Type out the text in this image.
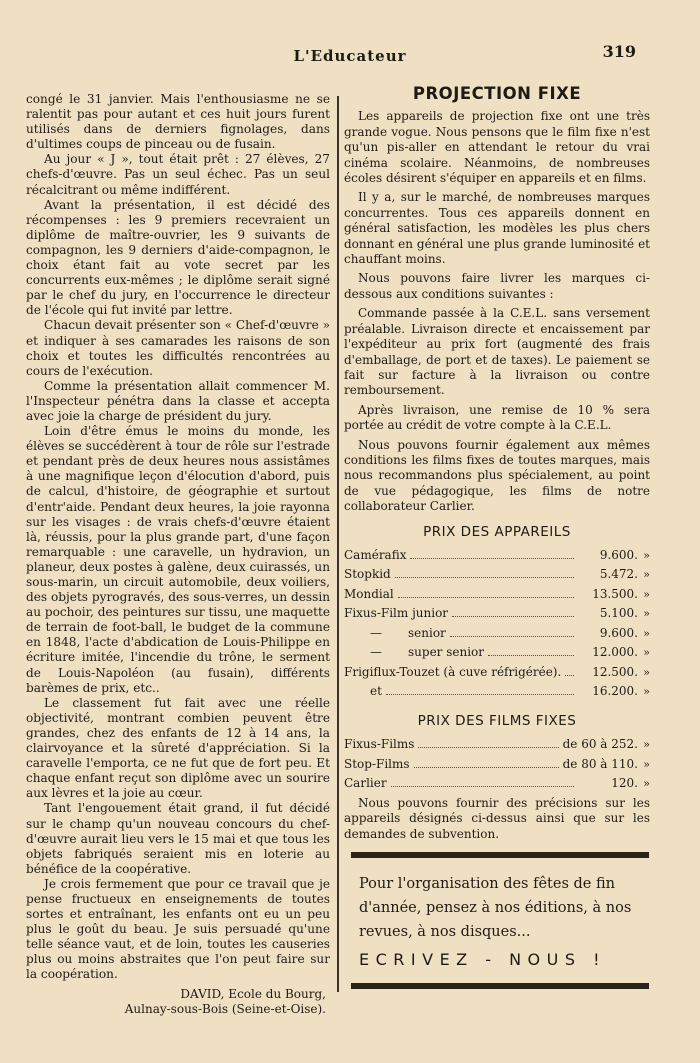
L'Educateur	319

congé le 31 janvier. Mais l'enthousiasme ne se ralentit pas pour autant et ces huit jours furent utilisés dans de derniers fignolages, dans d'ultimes coups de pinceau ou de fusain.

Au jour « J », tout était prêt : 27 élèves, 27 chefs-d'œuvre. Pas un seul échec. Pas un seul récalcitrant ou même indifférent.

Avant la présentation, il est décidé des récompenses : les 9 premiers recevraient un diplôme de maître-ouvrier, les 9 suivants de compagnon, les 9 derniers d'aide-compagnon, le choix étant fait au vote secret par les concurrents eux-mêmes ; le diplôme serait signé par le chef du jury, en l'occurrence le directeur de l'école qui fut invité par lettre.

Chacun devait présenter son « Chef-d'œuvre » et indiquer à ses camarades les raisons de son choix et toutes les difficultés rencontrées au cours de l'exécution.

Comme la présentation allait commencer M. l'Inspecteur pénétra dans la classe et accepta avec joie la charge de président du jury.

Loin d'être émus le moins du monde, les élèves se succédèrent à tour de rôle sur l'estrade et pendant près de deux heures nous assistâmes à une magnifique leçon d'élocution d'abord, puis de calcul, d'histoire, de géographie et surtout d'entr'aide. Pendant deux heures, la joie rayonna sur les visages : de vrais chefs-d'œuvre étaient là, réussis, pour la plus grande part, d'une façon remarquable : une caravelle, un hydravion, un planeur, deux postes à galène, deux cuirassés, un sous-marin, un circuit automobile, deux voiliers, des objets pyrogravés, des sous-verres, un dessin au pochoir, des peintures sur tissu, une maquette de terrain de foot-ball, le budget de la commune en 1848, l'acte d'abdication de Louis-Philippe en écriture imitée, l'incendie du trône, le serment de Louis-Napoléon (au fusain), différents barèmes de prix, etc..

Le classement fut fait avec une réelle objectivité, montrant combien peuvent être grandes, chez des enfants de 12 à 14 ans, la clairvoyance et la sûreté d'appréciation. Si la caravelle l'emporta, ce ne fut que de fort peu. Et chaque enfant reçut son diplôme avec un sourire aux lèvres et la joie au cœur.

Tant l'engouement était grand, il fut décidé sur le champ qu'un nouveau concours du chef-d'œuvre aurait lieu vers le 15 mai et que tous les objets fabriqués seraient mis en loterie au bénéfice de la coopérative.

Je crois fermement que pour ce travail que je pense fructueux en enseignements de toutes sortes et entraînant, les enfants ont eu un peu plus le goût du beau. Je suis persuadé qu'une telle séance vaut, et de loin, toutes les causeries plus ou moins abstraites que l'on peut faire sur la coopération.

DAVID, Ecole du Bourg,
Aulnay-sous-Bois (Seine-et-Oise).
PROJECTION FIXE

Les appareils de projection fixe ont une très grande vogue. Nous pensons que le film fixe n'est qu'un pis-aller en attendant le retour du vrai cinéma scolaire. Néanmoins, de nombreuses écoles désirent s'équiper en appareils et en films.

Il y a, sur le marché, de nombreuses marques concurrentes. Tous ces appareils donnent en général satisfaction, les modèles les plus chers donnant en général une plus grande luminosité et chauffant moins.

Nous pouvons faire livrer les marques ci-dessous aux conditions suivantes :

Commande passée à la C.E.L. sans versement préalable. Livraison directe et encaissement par l'expéditeur au prix fort (augmenté des frais d'emballage, de port et de taxes). Le paiement se fait sur facture à la livraison ou contre remboursement.

Après livraison, une remise de 10 % sera portée au crédit de votre compte à la C.E.L.

Nous pouvons fournir également aux mêmes conditions les films fixes de toutes marques, mais nous recommandons plus spécialement, au point de vue pédagogique, les films de notre collaborateur Carlier.

PRIX DES APPAREILS
Camérafix	9.600. »
Stopkid	5.472. »
Mondial	13.500. »
Fixus-Film junior	5.100. »
—	senior	9.600. »
—	super senior	12.000. »
Frigiflux-Touzet (à cuve réfrigérée).	12.500. »
et	16.200. »
PRIX DES FILMS FIXES
Fixus-Films	de 60 à 252. »
Stop-Films	de 80 à 110. »
Carlier	120. »

Nous pouvons fournir des précisions sur les appareils désignés ci-dessus ainsi que sur les demandes de subvention.

Pour l'organisation des fêtes de fin d'année, pensez à nos éditions, à nos revues, à nos disques...
ECRIVEZ - NOUS !
